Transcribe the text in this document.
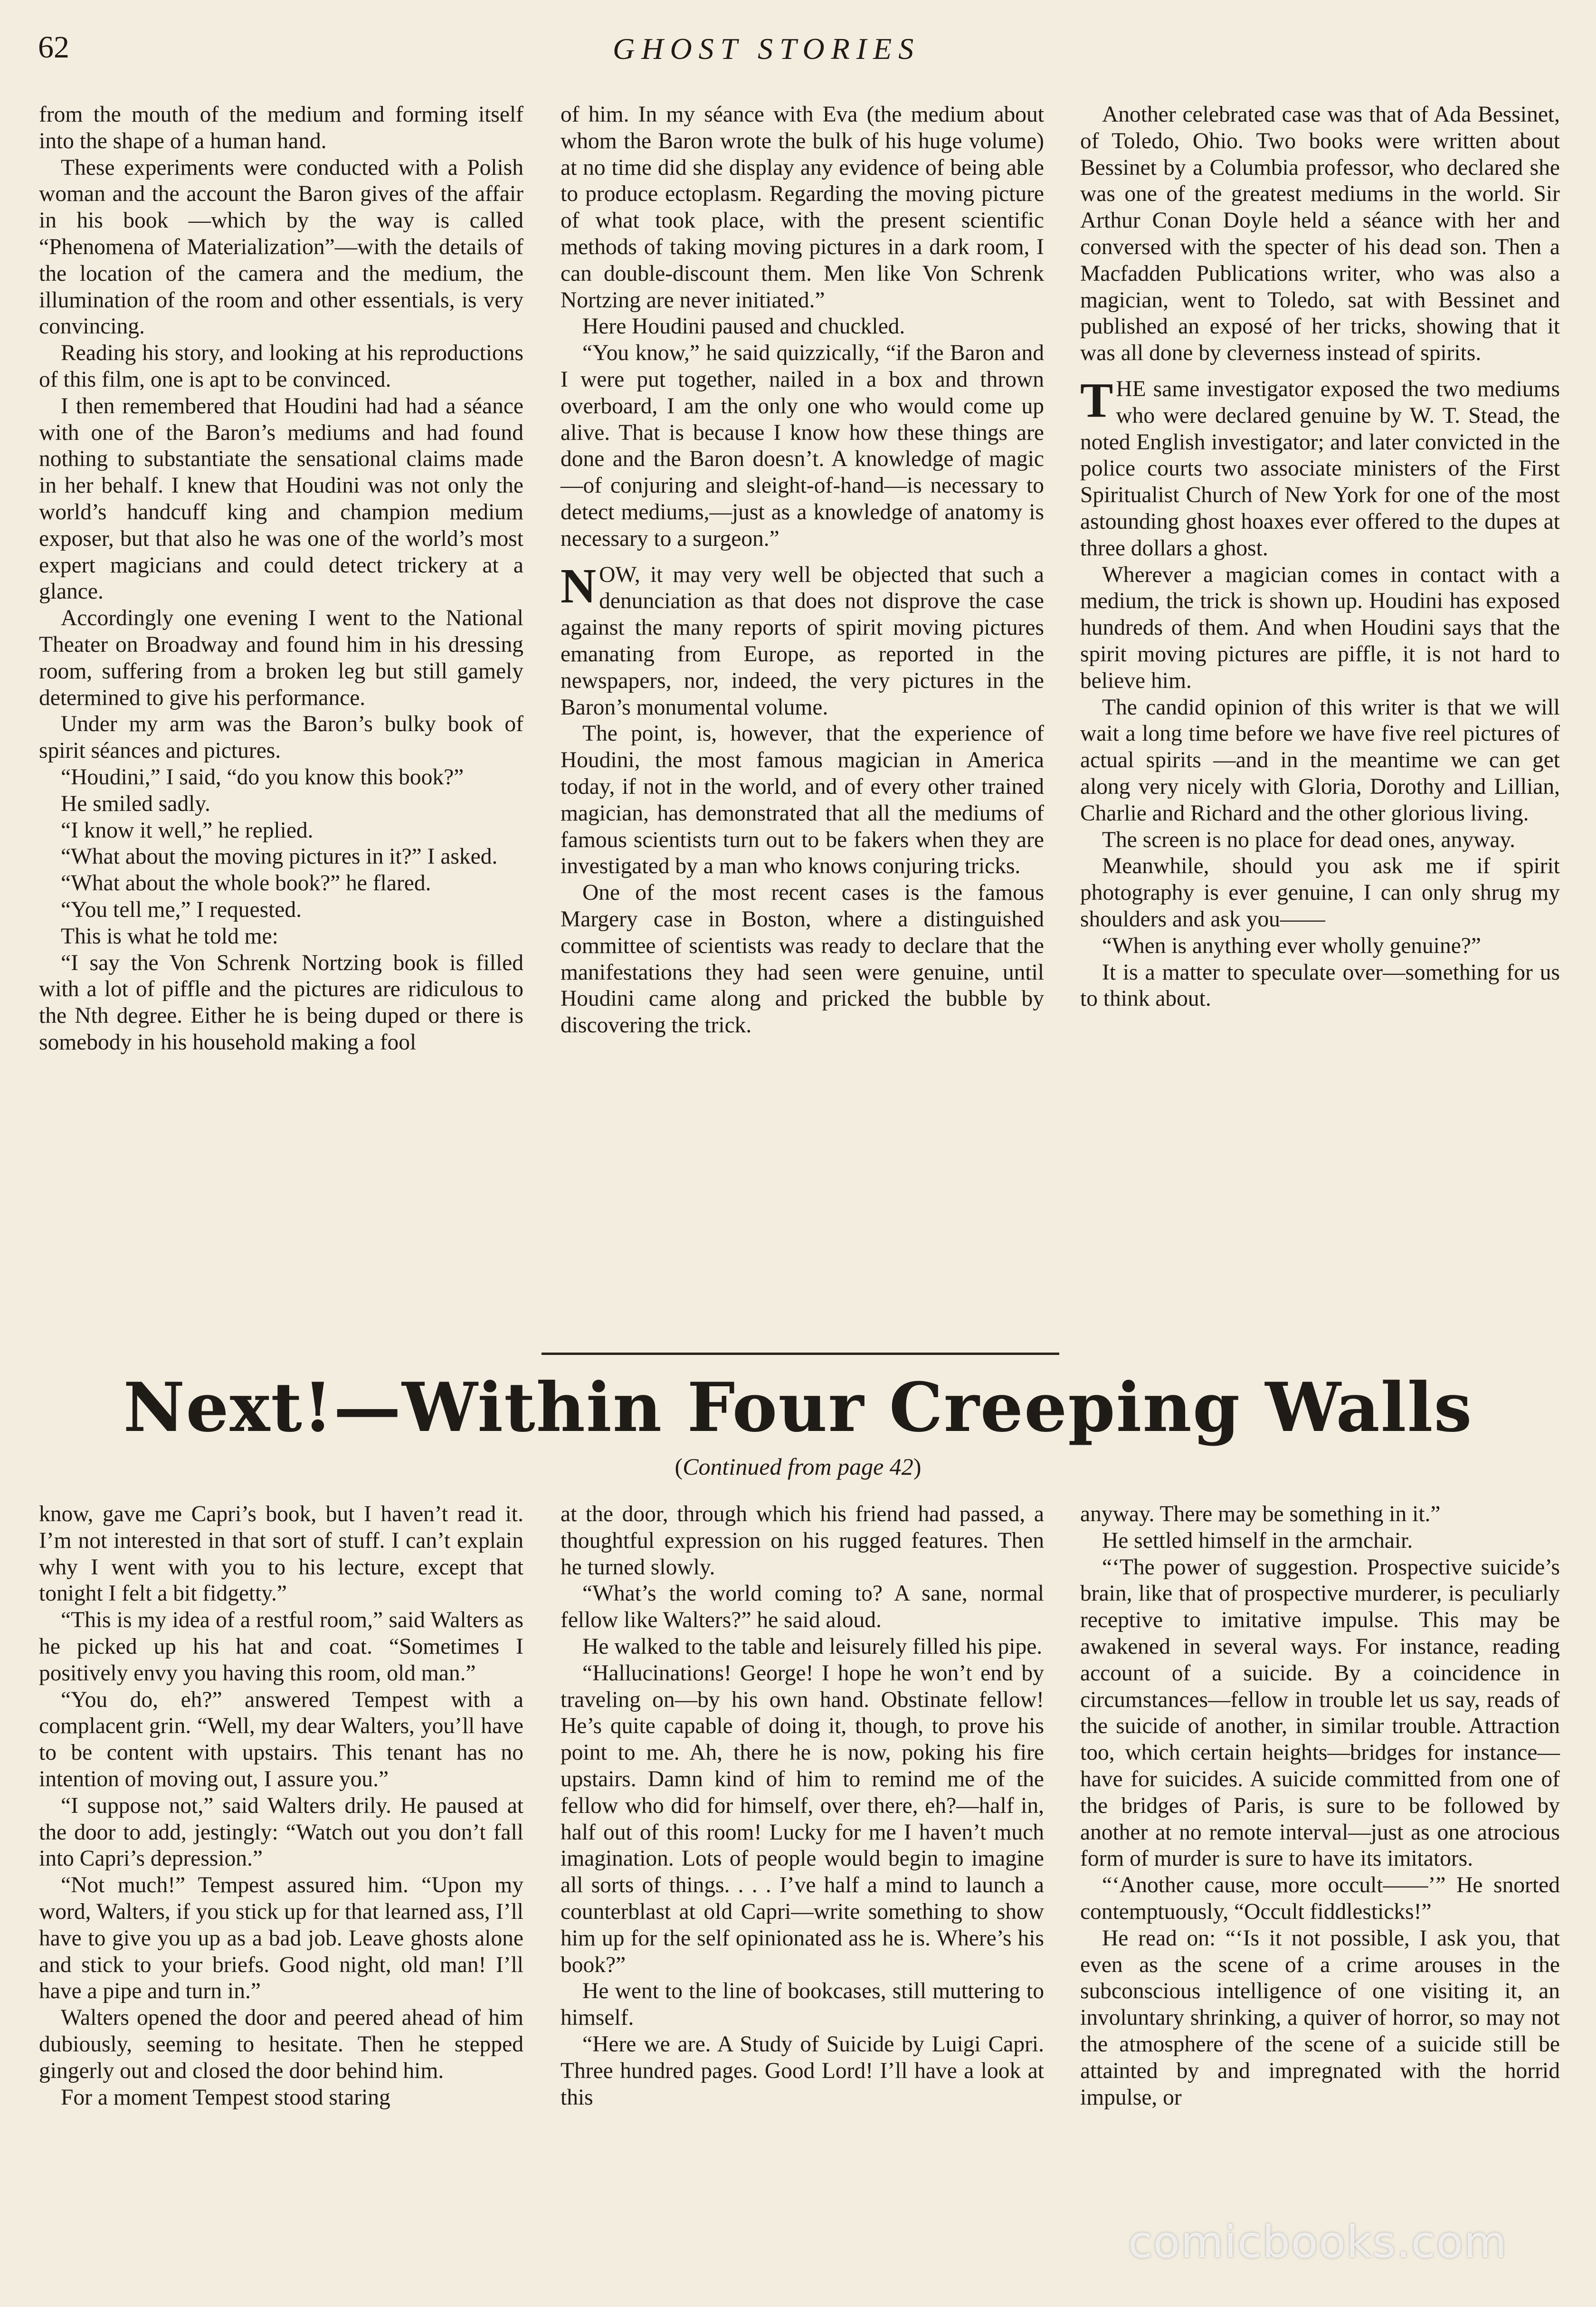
62	GHOST STORIES

from the mouth of the medium and forming itself into the shape of a human hand.

These experiments were conducted with a Polish woman and the account the Baron gives of the affair in his book —which by the way is called “Phenomena of Materialization”—with the details of the location of the camera and the medium, the illumination of the room and other essentials, is very convincing.

Reading his story, and looking at his reproductions of this film, one is apt to be convinced.

I then remembered that Houdini had had a séance with one of the Baron’s mediums and had found nothing to substantiate the sensational claims made in her behalf. I knew that Houdini was not only the world’s handcuff king and champion medium exposer, but that also he was one of the world’s most expert magicians and could detect trickery at a glance.

Accordingly one evening I went to the National Theater on Broadway and found him in his dressing room, suffering from a broken leg but still gamely determined to give his performance.

Under my arm was the Baron’s bulky book of spirit séances and pictures.

“Houdini,” I said, “do you know this book?”

He smiled sadly.

“I know it well,” he replied.

“What about the moving pictures in it?” I asked.

“What about the whole book?” he flared.

“You tell me,” I requested.

This is what he told me:

“I say the Von Schrenk Nortzing book is filled with a lot of piffle and the pictures are ridiculous to the Nth degree. Either he is being duped or there is somebody in his household making a fool

of him. In my séance with Eva (the medium about whom the Baron wrote the bulk of his huge volume) at no time did she display any evidence of being able to produce ectoplasm. Regarding the moving picture of what took place, with the present scientific methods of taking moving pictures in a dark room, I can double-discount them. Men like Von Schrenk Nortzing are never initiated.”

Here Houdini paused and chuckled.

“You know,” he said quizzically, “if the Baron and I were put together, nailed in a box and thrown overboard, I am the only one who would come up alive. That is because I know how these things are done and the Baron doesn’t. A knowledge of magic—of conjuring and sleight-of-hand—is necessary to detect mediums,—just as a knowledge of anatomy is necessary to a surgeon.”

NOW, it may very well be objected that such a denunciation as that does not disprove the case against the many reports of spirit moving pictures emanating from Europe, as reported in the newspapers, nor, indeed, the very pictures in the Baron’s monumental volume.

The point, is, however, that the experience of Houdini, the most famous magician in America today, if not in the world, and of every other trained magician, has demonstrated that all the mediums of famous scientists turn out to be fakers when they are investigated by a man who knows conjuring tricks.

One of the most recent cases is the famous Margery case in Boston, where a distinguished committee of scientists was ready to declare that the manifestations they had seen were genuine, until Houdini came along and pricked the bubble by discovering the trick.

Another celebrated case was that of Ada Bessinet, of Toledo, Ohio. Two books were written about Bessinet by a Columbia professor, who declared she was one of the greatest mediums in the world. Sir Arthur Conan Doyle held a séance with her and conversed with the specter of his dead son. Then a Macfadden Publications writer, who was also a magician, went to Toledo, sat with Bessinet and published an exposé of her tricks, showing that it was all done by cleverness instead of spirits.

THE same investigator exposed the two mediums who were declared genuine by W. T. Stead, the noted English investigator; and later convicted in the police courts two associate ministers of the First Spiritualist Church of New York for one of the most astounding ghost hoaxes ever offered to the dupes at three dollars a ghost.

Wherever a magician comes in contact with a medium, the trick is shown up. Houdini has exposed hundreds of them. And when Houdini says that the spirit moving pictures are piffle, it is not hard to believe him.

The candid opinion of this writer is that we will wait a long time before we have five reel pictures of actual spirits —and in the meantime we can get along very nicely with Gloria, Dorothy and Lillian, Charlie and Richard and the other glorious living.

The screen is no place for dead ones, anyway.

Meanwhile, should you ask me if spirit photography is ever genuine, I can only shrug my shoulders and ask you——

“When is anything ever wholly genuine?”

It is a matter to speculate over—something for us to think about.

Next!—Within Four Creeping Walls
(Continued from page 42)

know, gave me Capri’s book, but I haven’t read it. I’m not interested in that sort of stuff. I can’t explain why I went with you to his lecture, except that tonight I felt a bit fidgetty.”

“This is my idea of a restful room,” said Walters as he picked up his hat and coat. “Sometimes I positively envy you having this room, old man.”

“You do, eh?” answered Tempest with a complacent grin. “Well, my dear Walters, you’ll have to be content with upstairs. This tenant has no intention of moving out, I assure you.”

“I suppose not,” said Walters drily. He paused at the door to add, jestingly: “Watch out you don’t fall into Capri’s depression.”

“Not much!” Tempest assured him. “Upon my word, Walters, if you stick up for that learned ass, I’ll have to give you up as a bad job. Leave ghosts alone and stick to your briefs. Good night, old man! I’ll have a pipe and turn in.”

Walters opened the door and peered ahead of him dubiously, seeming to hesitate. Then he stepped gingerly out and closed the door behind him.

For a moment Tempest stood staring

at the door, through which his friend had passed, a thoughtful expression on his rugged features. Then he turned slowly.

“What’s the world coming to? A sane, normal fellow like Walters?” he said aloud.

He walked to the table and leisurely filled his pipe.

“Hallucinations! George! I hope he won’t end by traveling on—by his own hand. Obstinate fellow! He’s quite capable of doing it, though, to prove his point to me. Ah, there he is now, poking his fire upstairs. Damn kind of him to remind me of the fellow who did for himself, over there, eh?—half in, half out of this room! Lucky for me I haven’t much imagination. Lots of people would begin to imagine all sorts of things. . . . I’ve half a mind to launch a counterblast at old Capri—write something to show him up for the self opinionated ass he is. Where’s his book?”

He went to the line of bookcases, still muttering to himself.

“Here we are. A Study of Suicide by Luigi Capri. Three hundred pages. Good Lord! I’ll have a look at this

anyway. There may be something in it.”

He settled himself in the armchair.

“‘The power of suggestion. Prospective suicide’s brain, like that of prospective murderer, is peculiarly receptive to imitative impulse. This may be awakened in several ways. For instance, reading account of a suicide. By a coincidence in circumstances—fellow in trouble let us say, reads of the suicide of another, in similar trouble. Attraction too, which certain heights—bridges for instance—have for suicides. A suicide committed from one of the bridges of Paris, is sure to be followed by another at no remote interval—just as one atrocious form of murder is sure to have its imitators.

“‘Another cause, more occult——’” He snorted contemptuously, “Occult fiddlesticks!”

He read on: “‘Is it not possible, I ask you, that even as the scene of a crime arouses in the subconscious intelligence of one visiting it, an involuntary shrinking, a quiver of horror, so may not the atmosphere of the scene of a suicide still be attainted by and impregnated with the horrid impulse, or

comicbooks.com
